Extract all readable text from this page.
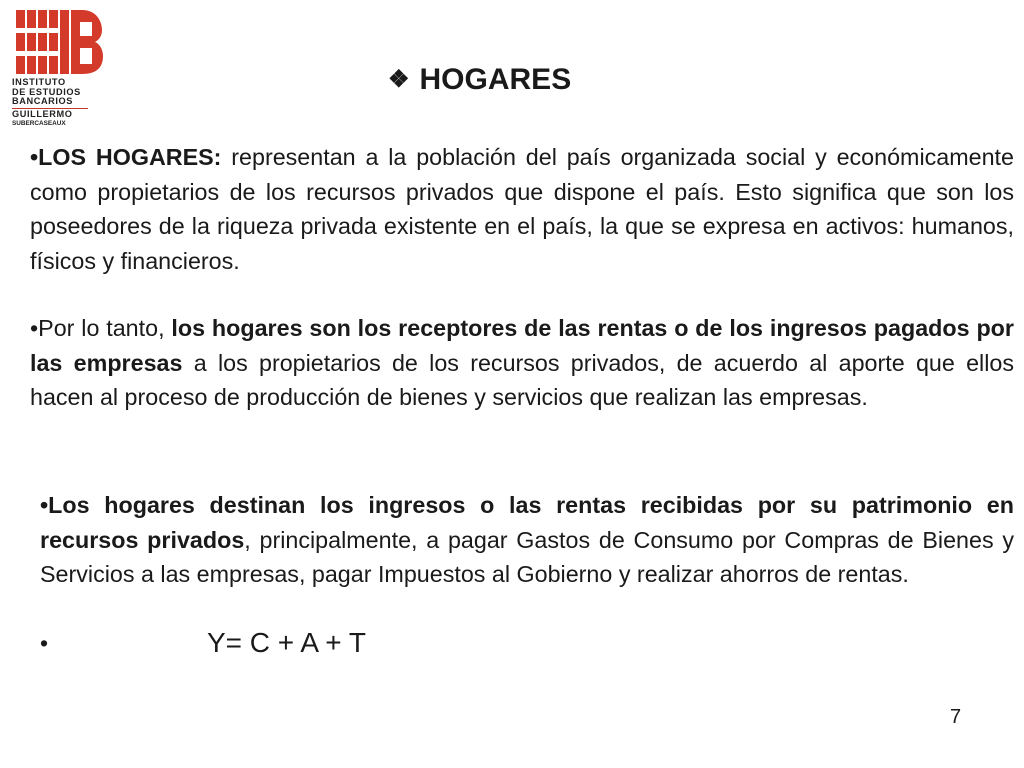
INSTITUTO
DE ESTUDIOS
BANCARIOS
GUILLERMO
SUBERCASEAUX
❖ HOGARES
•LOS HOGARES: representan a la población del país organizada social y económicamente como propietarios de los recursos privados que dispone el país. Esto significa que son los poseedores de la riqueza privada existente en el país, la que se expresa en activos: humanos, físicos y financieros.
•Por lo tanto, los hogares son los receptores de las rentas o de los ingresos pagados por las empresas a los propietarios de los recursos privados, de acuerdo al aporte que ellos hacen al proceso de producción de bienes y servicios que realizan las empresas.
•Los hogares destinan los ingresos o las rentas recibidas por su patrimonio en recursos privados, principalmente, a pagar Gastos de Consumo por Compras de Bienes y Servicios a las empresas, pagar Impuestos al Gobierno y realizar ahorros de rentas.
•	Y= C + A + T
7
